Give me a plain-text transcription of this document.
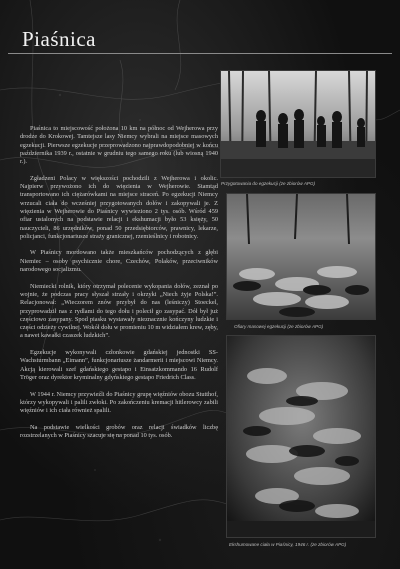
Piaśnica

Piaśnica to miejscowość położona 10 km na północ od Wejherowa przy drodze do Krokowej. Tamtejsze lasy Niemcy wybrali na miejsce masowych egzekucji. Pierwsze egzekucje przeprowadzono najprawdopodobniej w końcu października 1939 r., ostatnie w grudniu tego samego roku (lub wiosną 1940 r.).

Zgładzeni Polacy w większości pochodzili z Wejherowa i okolic. Najpierw przywożono ich do więzienia w Wejherowie. Stamtąd transportowano ich ciężarówkami na miejsce straceń. Po egzekucji Niemcy wrzucali ciała do wcześniej przygotowanych dołów i zakopywali je. Z więzienia w Wejherowie do Piaśnicy wywieziono 2 tys. osób. Wśród 459 ofiar ustalonych na podstawie relacji i ekshumacji było 53 księży, 50 nauczycieli, 86 urzędników, ponad 50 przedsiębiorców, prawnicy, lekarze, policjanci, funkcjonariusze straży granicznej, rzemieślnicy i robotnicy.

W Piaśnicy mordowano także mieszkańców pochodzących z głębi Niemiec – osoby psychicznie chore, Czechów, Polaków, przeciwników narodowego socjalizmu.

Niemiecki rolnik, który otrzymał polecenie wykopania dołów, zeznał po wojnie, że podczas pracy słyszał strzały i okrzyki „Niech żyje Polska!”. Relacjonował: „Wieczorem znów przybył do nas (leśniczy) Stoeckel, przyprowadził nas z rydlami do tego dołu i polecił go zasypać. Dół był już częściowo zasypany. Spod piasku wystawały nieznacznie kończyny ludzkie i części odzieży cywilnej. Wokół dołu w promieniu 10 m widziałem krew, zęby, a nawet kawałki czaszek ludzkich”.

Egzekucje wykonywali członkowie gdańskiej jednostki SS-Wachsturmbann „Eimann”, funkcjonariusze żandarmerii i miejscowi Niemcy. Akcją kierowali szef gdańskiego gestapo i Einsatzkommando 16 Rudolf Tröger oraz dyrektor kryminalny gdyńskiego gestapo Friedrich Class.

W 1944 r. Niemcy przywieźli do Piaśnicy grupę więźniów obozu Stutthof, którzy wykopywali i palili zwłoki. Po zakończeniu kremacji hitlerowcy zabili więźniów i ich ciała również spalili.

Na podstawie wielkości grobów oraz relacji świadków liczbę rozstrzelanych w Piaśnicy szacuje się na ponad 10 tys. osób.

Przygotowania do egzekucji (ze zbiorów APG)
Ofiary masowej egzekucji (ze zbiorów APG)
Ekshumowane ciała w Piaśnicy, 1946 r. (ze zbiorów APG)
